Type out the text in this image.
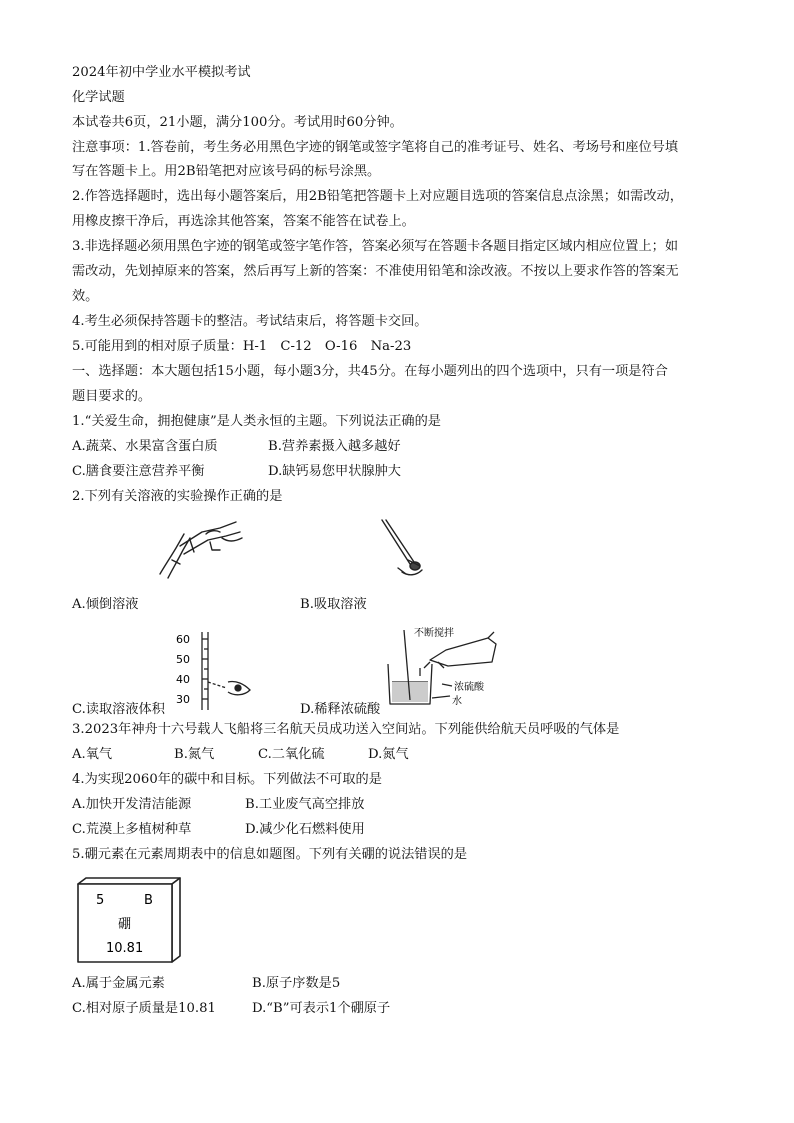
2024年初中学业水平模拟考试
化学试题
本试卷共6页，21小题，满分100分。考试用时60分钟。
注意事项：1.答卷前，考生务必用黑色字迹的钢笔或签字笔将自己的准考证号、姓名、考场号和座位号填
写在答题卡上。用2B铅笔把对应该号码的标号涂黑。
2.作答选择题时，选出每小题答案后，用2B铅笔把答题卡上对应题目选项的答案信息点涂黑；如需改动，
用橡皮擦干净后，再选涂其他答案，答案不能答在试卷上。
3.非选择题必须用黑色字迹的钢笔或签字笔作答，答案必须写在答题卡各题目指定区域内相应位置上；如
需改动，先划掉原来的答案，然后再写上新的答案：不准使用铅笔和涂改液。不按以上要求作答的答案无
效。
4.考生必须保持答题卡的整洁。考试结束后，将答题卡交回。
5.可能用到的相对原子质量：H-1　C-12　O-16　Na-23
一、选择题：本大题包括15小题，每小题3分，共45分。在每小题列出的四个选项中，只有一项是符合
题目要求的。
1.“关爱生命，拥抱健康”是人类永恒的主题。下列说法正确的是
A.蔬菜、水果富含蛋白质	B.营养素摄入越多越好
C.膳食要注意营养平衡	D.缺钙易您甲状腺肿大
2.下列有关溶液的实验操作正确的是
A.倾倒溶液	B.吸取溶液
60
50
40
30
C.读取溶液体积
不断搅拌
浓硫酸
水
D.稀释浓硫酸
3.2023年神舟十六号载人飞船将三名航天员成功送入空间站。下列能供给航天员呼吸的气体是
A.氧气	B.氮气	C.二氧化硫	D.氮气
4.为实现2060年的碳中和目标。下列做法不可取的是
A.加快开发清洁能源	B.工业废气高空排放
C.荒漠上多植树种草	D.减少化石燃料使用
5.硼元素在元素周期表中的信息如题图。下列有关硼的说法错误的是
5	B
硼
10.81
A.属于金属元素	B.原子序数是5
C.相对原子质量是10.81	D.“B”可表示1个硼原子
